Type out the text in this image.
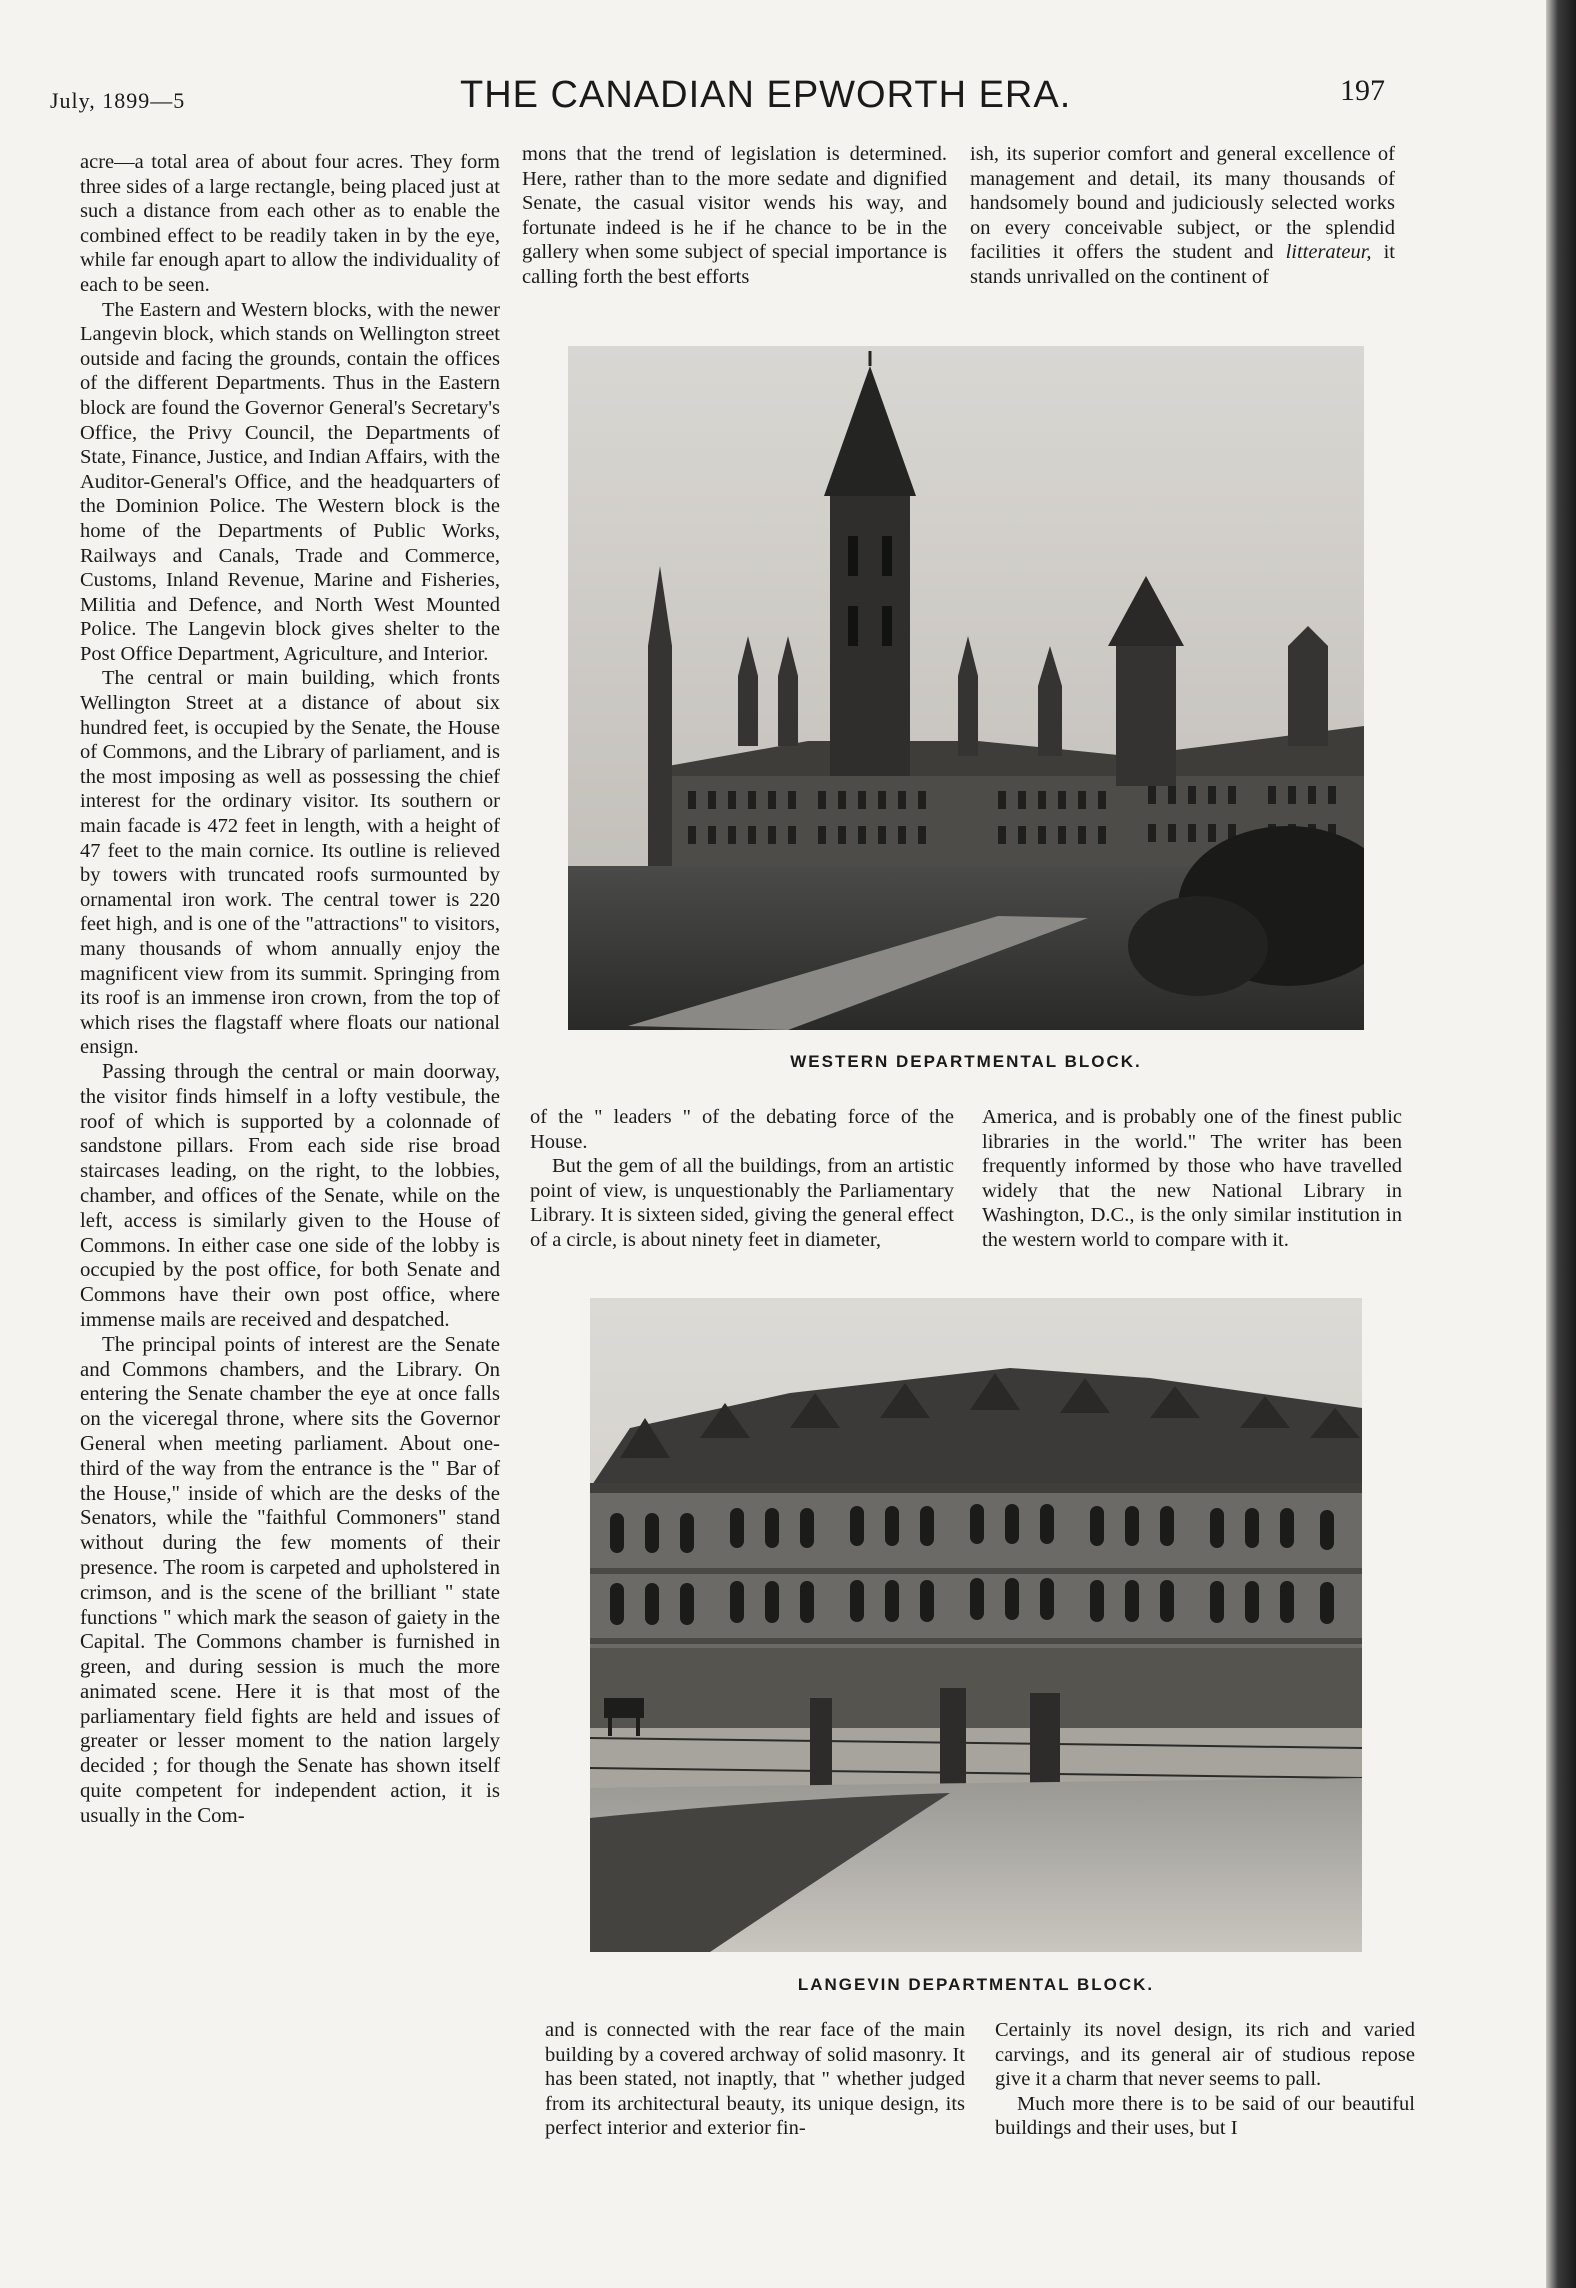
July, 1899—5	THE CANADIAN EPWORTH ERA.	197

acre—a total area of about four acres. They form three sides of a large rectangle, being placed just at such a distance from each other as to enable the combined effect to be readily taken in by the eye, while far enough apart to allow the individuality of each to be seen.

The Eastern and Western blocks, with the newer Langevin block, which stands on Wellington street outside and facing the grounds, contain the offices of the different Departments. Thus in the Eastern block are found the Governor General's Secretary's Office, the Privy Council, the Departments of State, Finance, Justice, and Indian Affairs, with the Auditor-General's Office, and the headquarters of the Dominion Police. The Western block is the home of the Departments of Public Works, Railways and Canals, Trade and Commerce, Customs, Inland Revenue, Marine and Fisheries, Militia and Defence, and North West Mounted Police. The Langevin block gives shelter to the Post Office Department, Agriculture, and Interior.

The central or main building, which fronts Wellington Street at a distance of about six hundred feet, is occupied by the Senate, the House of Commons, and the Library of parliament, and is the most imposing as well as possessing the chief interest for the ordinary visitor. Its southern or main facade is 472 feet in length, with a height of 47 feet to the main cornice. Its outline is relieved by towers with truncated roofs surmounted by ornamental iron work. The central tower is 220 feet high, and is one of the "attractions" to visitors, many thousands of whom annually enjoy the magnificent view from its summit. Springing from its roof is an immense iron crown, from the top of which rises the flagstaff where floats our national ensign.

Passing through the central or main doorway, the visitor finds himself in a lofty vestibule, the roof of which is supported by a colonnade of sandstone pillars. From each side rise broad staircases leading, on the right, to the lobbies, chamber, and offices of the Senate, while on the left, access is similarly given to the House of Commons. In either case one side of the lobby is occupied by the post office, for both Senate and Commons have their own post office, where immense mails are received and despatched.

The principal points of interest are the Senate and Commons chambers, and the Library. On entering the Senate chamber the eye at once falls on the viceregal throne, where sits the Governor General when meeting parliament. About one-third of the way from the entrance is the " Bar of the House," inside of which are the desks of the Senators, while the "faithful Commoners" stand without during the few moments of their presence. The room is carpeted and upholstered in crimson, and is the scene of the brilliant " state functions " which mark the season of gaiety in the Capital. The Commons chamber is furnished in green, and during session is much the more animated scene. Here it is that most of the parliamentary field fights are held and issues of greater or lesser moment to the nation largely decided ; for though the Senate has shown itself quite competent for independent action, it is usually in the Com-

mons that the trend of legislation is determined. Here, rather than to the more sedate and dignified Senate, the casual visitor wends his way, and fortunate indeed is he if he chance to be in the gallery when some subject of special importance is calling forth the best efforts

ish, its superior comfort and general excellence of management and detail, its many thousands of handsomely bound and judiciously selected works on every conceivable subject, or the splendid facilities it offers the student and litterateur, it stands unrivalled on the continent of

WESTERN DEPARTMENTAL BLOCK.

of the " leaders " of the debating force of the House.

But the gem of all the buildings, from an artistic point of view, is unquestionably the Parliamentary Library. It is sixteen sided, giving the general effect of a circle, is about ninety feet in diameter,

America, and is probably one of the finest public libraries in the world." The writer has been frequently informed by those who have travelled widely that the new National Library in Washington, D.C., is the only similar institution in the western world to compare with it.

LANGEVIN DEPARTMENTAL BLOCK.

and is connected with the rear face of the main building by a covered archway of solid masonry. It has been stated, not inaptly, that " whether judged from its architectural beauty, its unique design, its perfect interior and exterior fin-

Certainly its novel design, its rich and varied carvings, and its general air of studious repose give it a charm that never seems to pall.

Much more there is to be said of our beautiful buildings and their uses, but I
